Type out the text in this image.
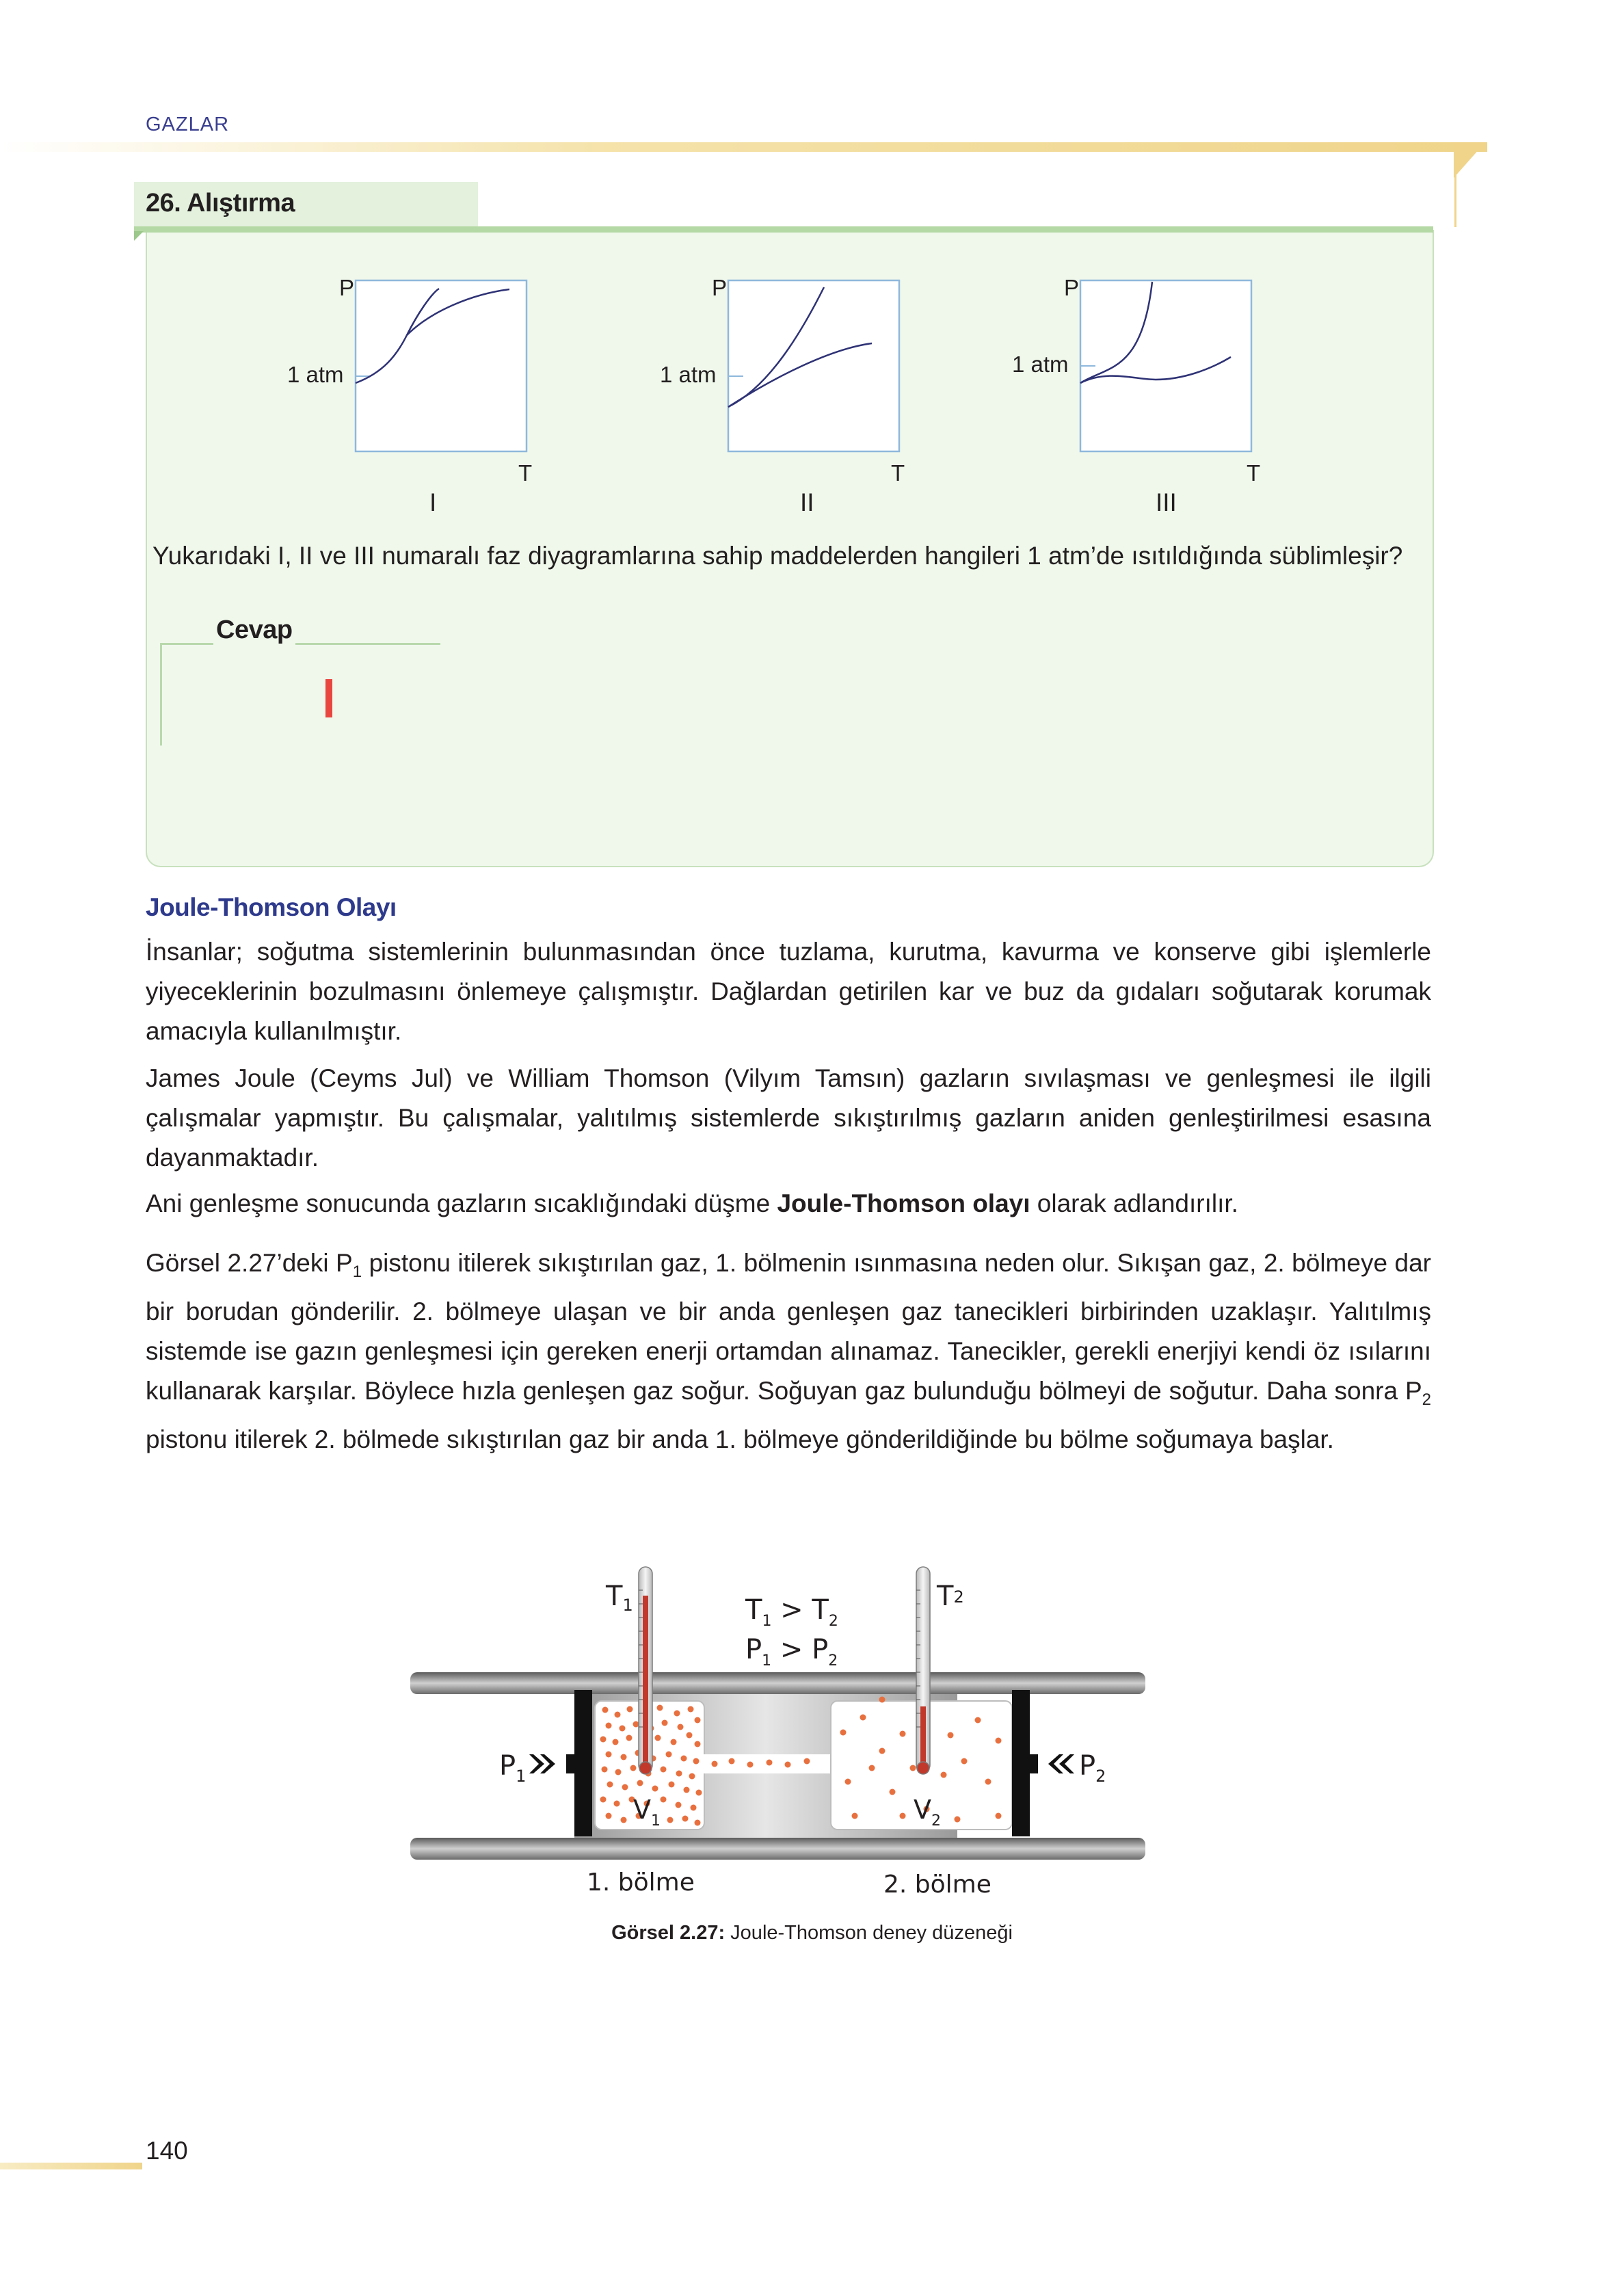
GAZLAR
26. Alıştırma
P
1 atm
T
I
P
1 atm
T
II
P
1 atm
T
III
Yukarıdaki I, II ve III numaralı faz diyagramlarına sahip maddelerden hangileri 1 atm’de ısıtıldığında süblimleşir?
Cevap
Joule-Thomson Olayı
İnsanlar; soğutma sistemlerinin bulunmasından önce tuzlama, kurutma, kavurma ve konserve gibi işlemlerle yiyeceklerinin bozulmasını önlemeye çalışmıştır. Dağlardan getirilen kar ve buz da gıdaları soğutarak korumak amacıyla kullanılmıştır.
James Joule (Ceyms Jul) ve William Thomson (Vilyım Tamsın) gazların sıvılaşması ve genleşmesi ile ilgili çalışmalar yapmıştır. Bu çalışmalar, yalıtılmış sistemlerde sıkıştırılmış gazların aniden genleştirilmesi esasına dayanmaktadır.
Ani genleşme sonucunda gazların sıcaklığındaki düşme Joule-Thomson olayı olarak adlandırılır.
Görsel 2.27’deki $P_1$ pistonu itilerek sıkıştırılan gaz, 1. bölmenin ısınmasına neden olur. Sıkışan gaz, 2. bölmeye dar bir borudan gönderilir. 2. bölmeye ulaşan ve bir anda genleşen gaz tanecikleri birbirinden uzaklaşır. Yalıtılmış sistemde ise gazın genleşmesi için gereken enerji ortamdan alınamaz. Tanecikler, gerekli enerjiyi kendi öz ısılarını kullanarak karşılar. Böylece hızla genleşen gaz soğur. Soğuyan gaz bulunduğu bölmeyi de soğutur. Daha sonra $P_2$ pistonu itilerek 2. bölmede sıkıştırılan gaz bir anda 1. bölmeye gönderildiğinde bu bölme soğumaya başlar.
$T_1$	T2
$T_1 > T_2$
$P_1 > P_2$
$P_1$	$P_2$
$V_1$	$V_2$
1. bölme	2. bölme
Görsel 2.27: Joule-Thomson deney düzeneği
140
